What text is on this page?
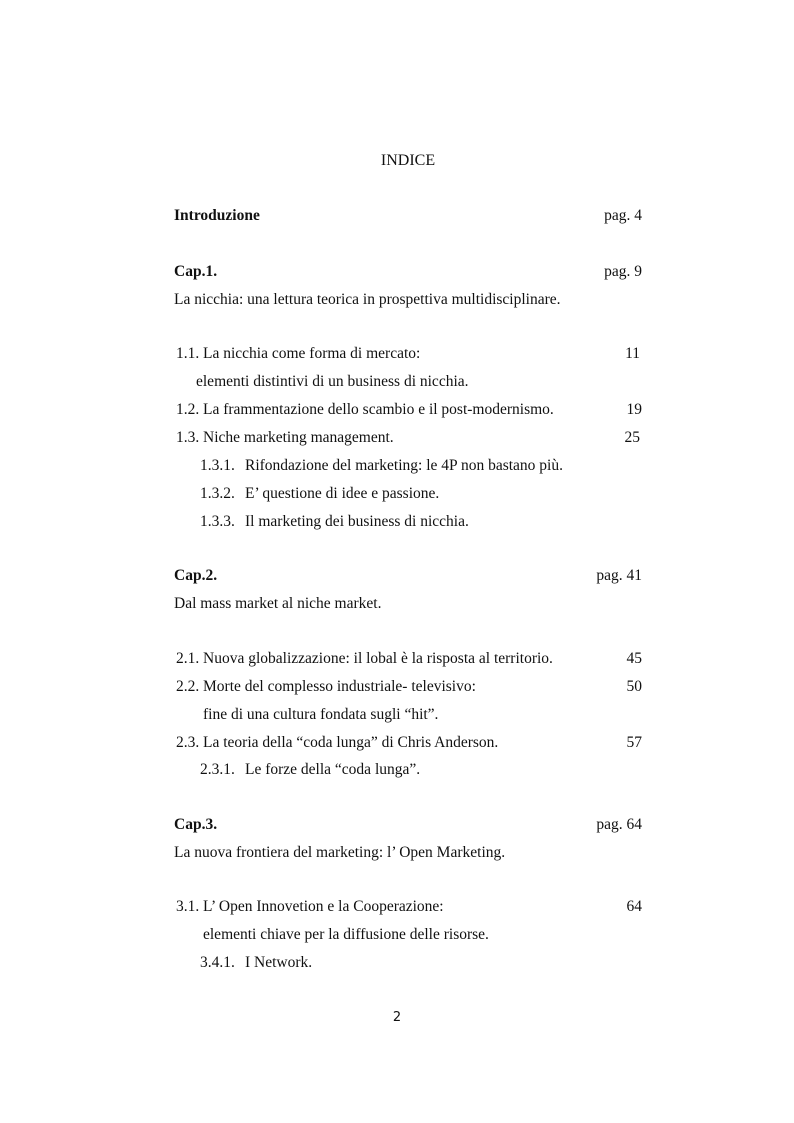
INDICE
Introduzione	pag. 4
Cap.1.	pag. 9
La nicchia: una lettura teorica in prospettiva multidisciplinare.
1.1. La nicchia come forma di mercato:	11
elementi distintivi di un business di nicchia.
1.2. La frammentazione dello scambio e il post-modernismo.	19
1.3. Niche marketing management.	25
1.3.1. Rifondazione del marketing: le 4P non bastano più.
1.3.2. E’ questione di idee e passione.
1.3.3. Il marketing dei business di nicchia.
Cap.2.	pag. 41
Dal mass market al niche market.
2.1. Nuova globalizzazione: il lobal è la risposta al territorio.	45
2.2. Morte del complesso industriale- televisivo:	50
fine di una cultura fondata sugli “hit”.
2.3. La teoria della “coda lunga” di Chris Anderson.	57
2.3.1. Le forze della “coda lunga”.
Cap.3.	pag. 64
La nuova frontiera del marketing: l’ Open Marketing.
3.1. L’ Open Innovetion e la Cooperazione:	64
elementi chiave per la diffusione delle risorse.
3.4.1. I Network.
2
